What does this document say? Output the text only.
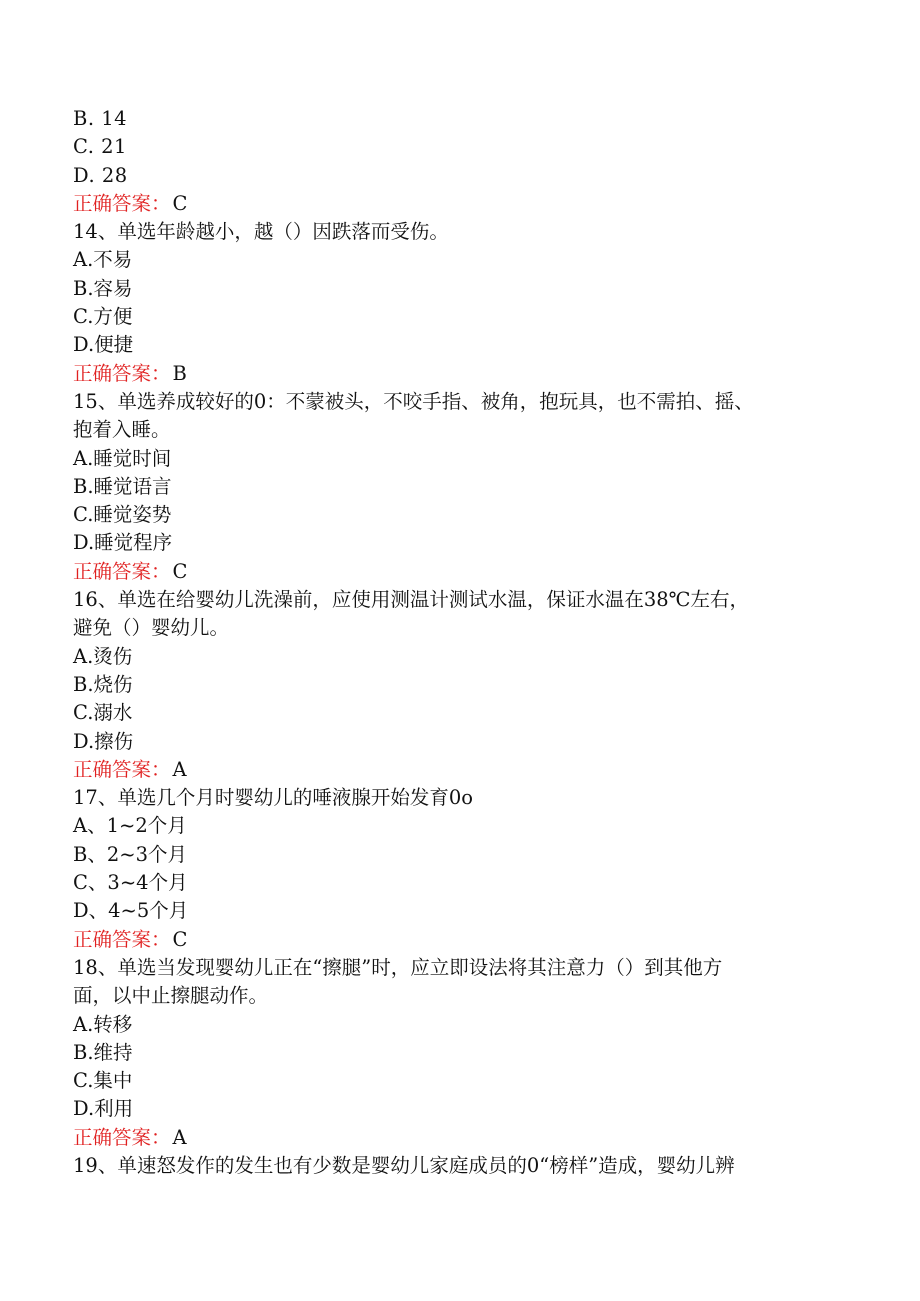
B. 14
C. 21
D. 28
正确答案： C
14、单选年龄越小，越（）因跌落而受伤。
A.不易
B.容易
C.方便
D.便捷
正确答案： B
15、单选养成较好的0：不蒙被头，不咬手指、被角，抱玩具，也不需拍、摇、
抱着入睡。
A.睡觉时间
B.睡觉语言
C.睡觉姿势
D.睡觉程序
正确答案： C
16、单选在给婴幼儿洗澡前，应使用测温计测试水温，保证水温在38℃左右，
避免（）婴幼儿。
A.烫伤
B.烧伤
C.溺水
D.擦伤
正确答案： A
17、单选几个月时婴幼儿的唾液腺开始发育0o
A、1~2个月
B、2~3个月
C、3~4个月
D、4~5个月
正确答案： C
18、单选当发现婴幼儿正在“擦腿”时，应立即设法将其注意力（）到其他方
面，以中止擦腿动作。
A.转移
B.维持
C.集中
D.利用
正确答案： A
19、单速怒发作的发生也有少数是婴幼儿家庭成员的0“榜样”造成，婴幼儿辨
